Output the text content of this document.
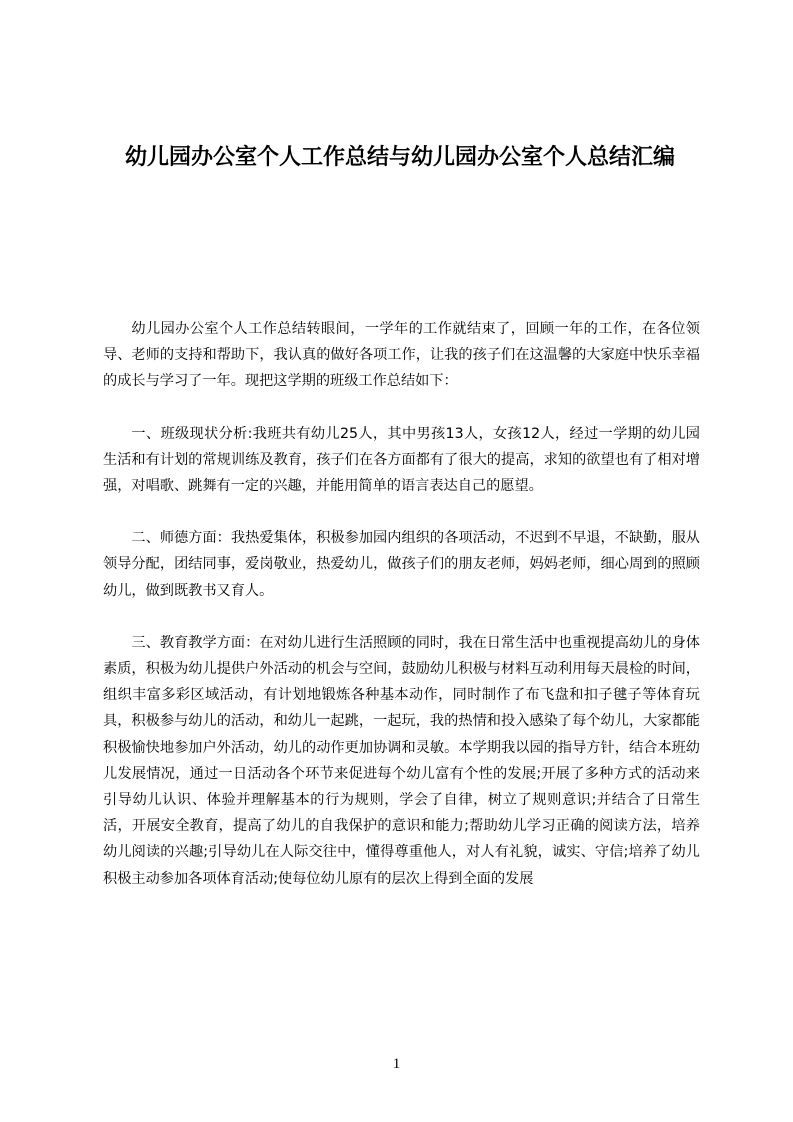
幼儿园办公室个人工作总结与幼儿园办公室个人总结汇编

幼儿园办公室个人工作总结转眼间，一学年的工作就结束了，回顾一年的工作，在各位领导、老师的支持和帮助下，我认真的做好各项工作，让我的孩子们在这温馨的大家庭中快乐幸福的成长与学习了一年。现把这学期的班级工作总结如下：

一、班级现状分析:我班共有幼儿25人，其中男孩13人，女孩12人，经过一学期的幼儿园生活和有计划的常规训练及教育，孩子们在各方面都有了很大的提高，求知的欲望也有了相对增强，对唱歌、跳舞有一定的兴趣，并能用简单的语言表达自己的愿望。

二、师德方面：我热爱集体，积极参加园内组织的各项活动，不迟到不早退，不缺勤，服从领导分配，团结同事，爱岗敬业，热爱幼儿，做孩子们的朋友老师，妈妈老师，细心周到的照顾幼儿，做到既教书又育人。

三、教育教学方面：在对幼儿进行生活照顾的同时，我在日常生活中也重视提高幼儿的身体素质，积极为幼儿提供户外活动的机会与空间，鼓励幼儿积极与材料互动利用每天晨检的时间，组织丰富多彩区域活动，有计划地锻炼各种基本动作，同时制作了布飞盘和扣子毽子等体育玩具，积极参与幼儿的活动，和幼儿一起跳，一起玩，我的热情和投入感染了每个幼儿，大家都能积极愉快地参加户外活动，幼儿的动作更加协调和灵敏。本学期我以园的指导方针，结合本班幼儿发展情况，通过一日活动各个环节来促进每个幼儿富有个性的发展;开展了多种方式的活动来引导幼儿认识、体验并理解基本的行为规则，学会了自律，树立了规则意识;并结合了日常生活，开展安全教育，提高了幼儿的自我保护的意识和能力;帮助幼儿学习正确的阅读方法，培养幼儿阅读的兴趣;引导幼儿在人际交往中，懂得尊重他人，对人有礼貌，诚实、守信;培养了幼儿积极主动参加各项体育活动;使每位幼儿原有的层次上得到全面的发展

1
